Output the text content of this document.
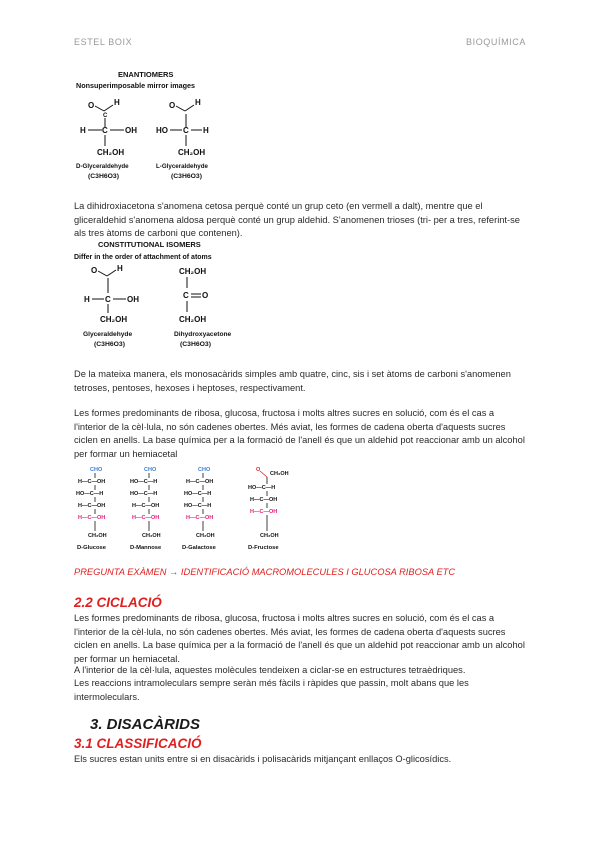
ESTEL BOIX	BIOQUÍMICA
ENANTIOMERS
Nonsuperimposable mirror images
O H
C
H C OH
CH₂OH
D-Glyceraldehyde
(C3H6O3)
O H
HO C H
CH₂OH
L-Glyceraldehyde
(C3H6O3)

La dihidroxiacetona s'anomena cetosa perquè conté un grup ceto (en vermell a dalt), mentre que el gliceraldehid s'anomena aldosa perquè conté un grup aldehid. S'anomenen trioses (tri- per a tres, referint-se als tres àtoms de carboni que contenen).

CONSTITUTIONAL ISOMERS
Differ in the order of attachment of atoms
O H
H C OH
CH₂OH
Glyceraldehyde
(C3H6O3)
CH₂OH
C O
CH₂OH
Dihydroxyacetone
(C3H6O3)

De la mateixa manera, els monosacàrids simples amb quatre, cinc, sis i set àtoms de carboni s'anomenen tetroses, pentoses, hexoses i heptoses, respectivament.

Les formes predominants de ribosa, glucosa, fructosa i molts altres sucres en solució, com és el cas a l'interior de la cèl·lula, no són cadenes obertes. Més aviat, les formes de cadena oberta d'aquests sucres ciclen en anells. La base química per a la formació de l'anell és que un aldehid pot reaccionar amb un alcohol per formar un hemiacetal

CHO
H—C—OH
HO—C—H
H—C—OH
H—C—OH
CH₂OH
CHO
HO—C—H
HO—C—H
H—C—OH
H—C—OH
CH₂OH
CHO
H—C—OH
HO—C—H
HO—C—H
H—C—OH
CH₂OH
O
CH₂OH
HO—C—H
H—C—OH
H—C—OH
CH₂OH
D-Glucose	D-Mannose	D-Galactose	D-Fructose

PREGUNTA EXÀMEN → IDENTIFICACIÓ MACROMOLECULES I GLUCOSA RIBOSA ETC

2.2 CICLACIÓ

Les formes predominants de ribosa, glucosa, fructosa i molts altres sucres en solució, com és el cas a l'interior de la cèl·lula, no són cadenes obertes. Més aviat, les formes de cadena oberta d'aquests sucres ciclen en anells. La base química per a la formació de l'anell és que un aldehid pot reaccionar amb un alcohol per formar un hemiacetal.

A l'interior de la cèl·lula, aquestes molècules tendeixen a ciclar-se en estructures tetraèdriques.

Les reaccions intramoleculars sempre seràn més fàcils i ràpides que passin, molt abans que les intermoleculars.

3. DISACÀRIDS
3.1 CLASSIFICACIÓ

Els sucres estan units entre si en disacàrids i polisacàrids mitjançant enllaços O-glicosídics.
